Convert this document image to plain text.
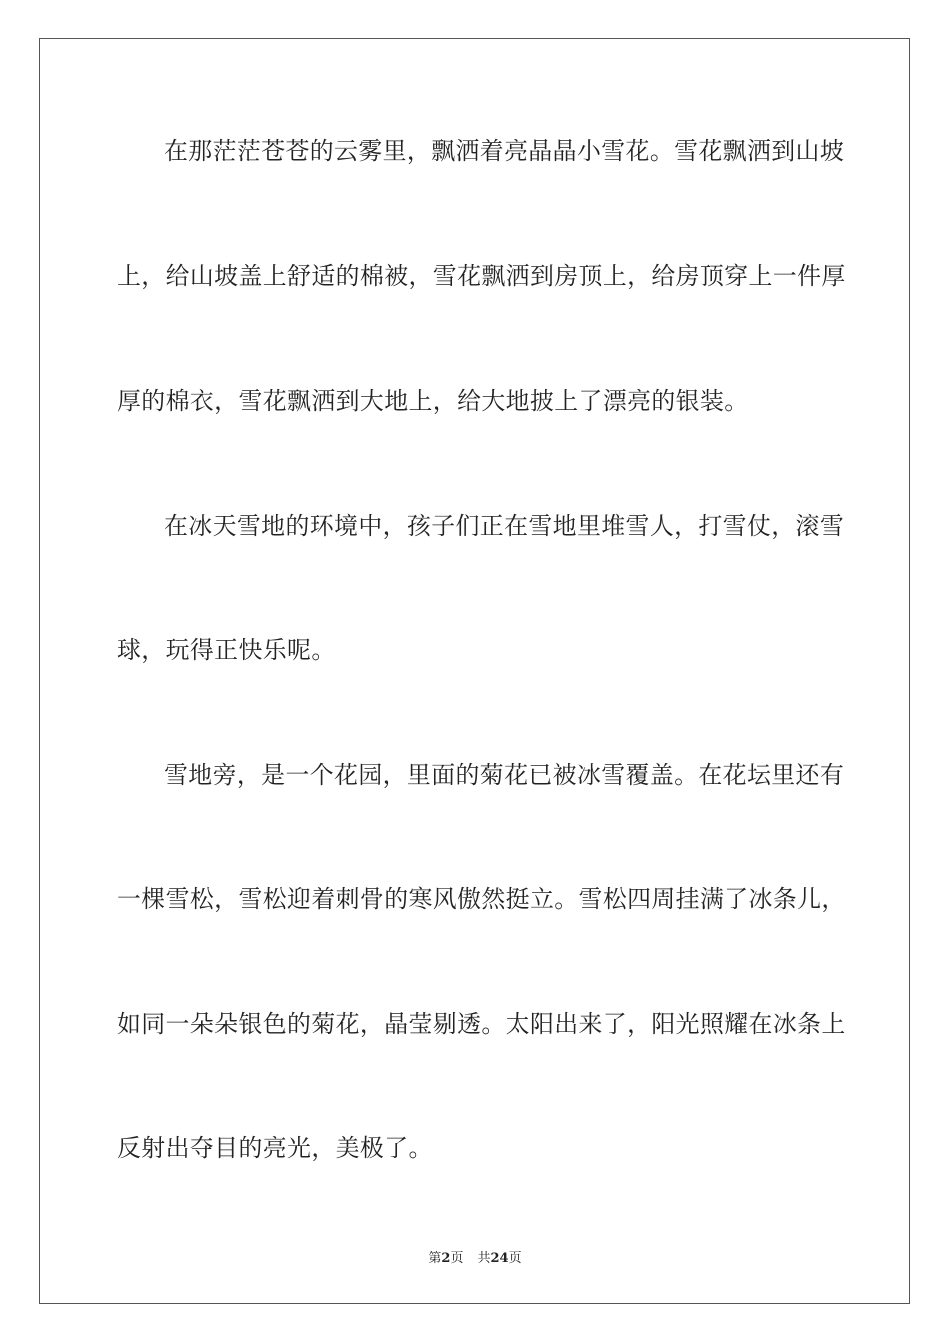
在那茫茫苍苍的云雾里，飘洒着亮晶晶小雪花。雪花飘洒到山坡
上，给山坡盖上舒适的棉被，雪花飘洒到房顶上，给房顶穿上一件厚
厚的棉衣，雪花飘洒到大地上，给大地披上了漂亮的银装。
在冰天雪地的环境中，孩子们正在雪地里堆雪人，打雪仗，滚雪
球，玩得正快乐呢。
雪地旁，是一个花园，里面的菊花已被冰雪覆盖。在花坛里还有
一棵雪松，雪松迎着刺骨的寒风傲然挺立。雪松四周挂满了冰条儿，
如同一朵朵银色的菊花，晶莹剔透。太阳出来了，阳光照耀在冰条上
反射出夺目的亮光，美极了。
第2页 共24页
